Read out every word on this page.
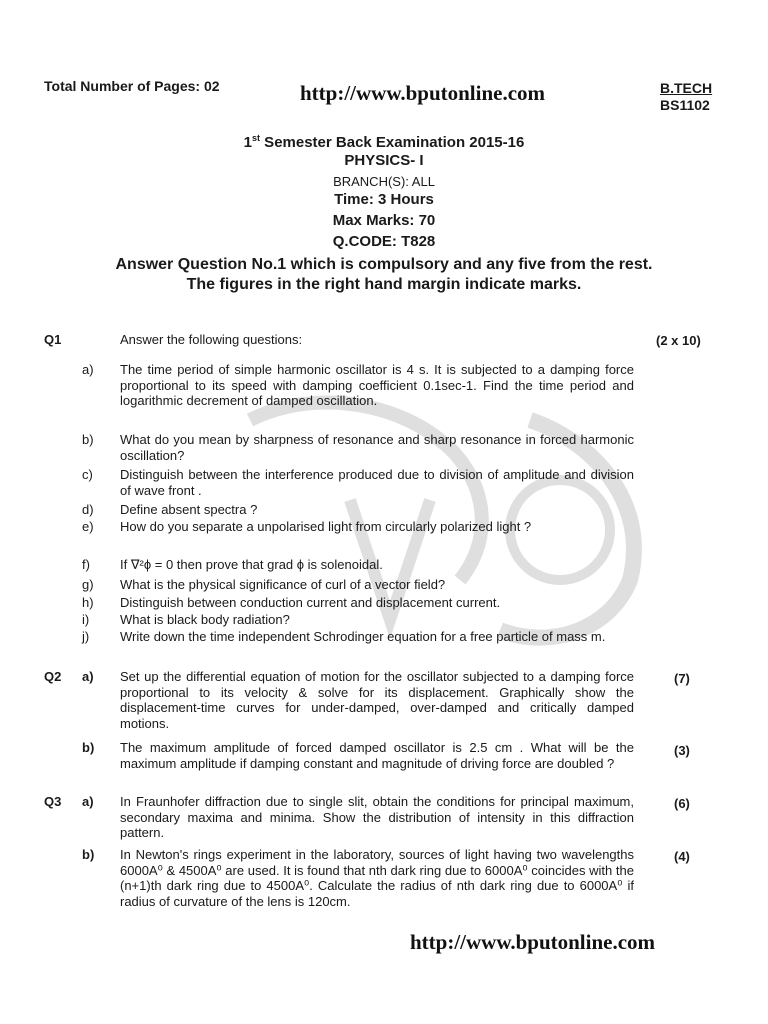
Total Number of Pages: 02	http://www.bputonline.com	B.TECH
BS1102
1st Semester Back Examination 2015-16
PHYSICS- I
BRANCH(S): ALL
Time: 3 Hours
Max Marks: 70
Q.CODE: T828
Answer Question No.1 which is compulsory and any five from the rest.
The figures in the right hand margin indicate marks.
Q1	Answer the following questions:	(2 x 10)
a) The time period of simple harmonic oscillator is 4 s. It is subjected to a damping force proportional to its speed with damping coefficient 0.1sec-1. Find the time period and logarithmic decrement of damped oscillation.
b) What do you mean by sharpness of resonance and sharp resonance in forced harmonic oscillation?
c) Distinguish between the interference produced due to division of amplitude and division of wave front .
d) Define absent spectra ?
e) How do you separate a unpolarised light from circularly polarized light ?
f) If ∇²ϕ = 0 then prove that grad ϕ is solenoidal.
g) What is the physical significance of curl of a vector field?
h) Distinguish between conduction current and displacement current.
i) What is black body radiation?
j) Write down the time independent Schrodinger equation for a free particle of mass m.
Q2 a) Set up the differential equation of motion for the oscillator subjected to a damping force proportional to its velocity & solve for its displacement. Graphically show the displacement-time curves for under-damped, over-damped and critically damped motions.
(7)
b) The maximum amplitude of forced damped oscillator is 2.5 cm . What will be the maximum amplitude if damping constant and magnitude of driving force are doubled ?
(3)
Q3 a) In Fraunhofer diffraction due to single slit, obtain the conditions for principal maximum, secondary maxima and minima. Show the distribution of intensity in this diffraction pattern.
(6)
b) In Newton's rings experiment in the laboratory, sources of light having two wavelengths 6000A⁰ & 4500A⁰ are used. It is found that nth dark ring due to 6000A⁰ coincides with the (n+1)th dark ring due to 4500A⁰. Calculate the radius of nth dark ring due to 6000A⁰ if radius of curvature of the lens is 120cm.
(4)
http://www.bputonline.com
